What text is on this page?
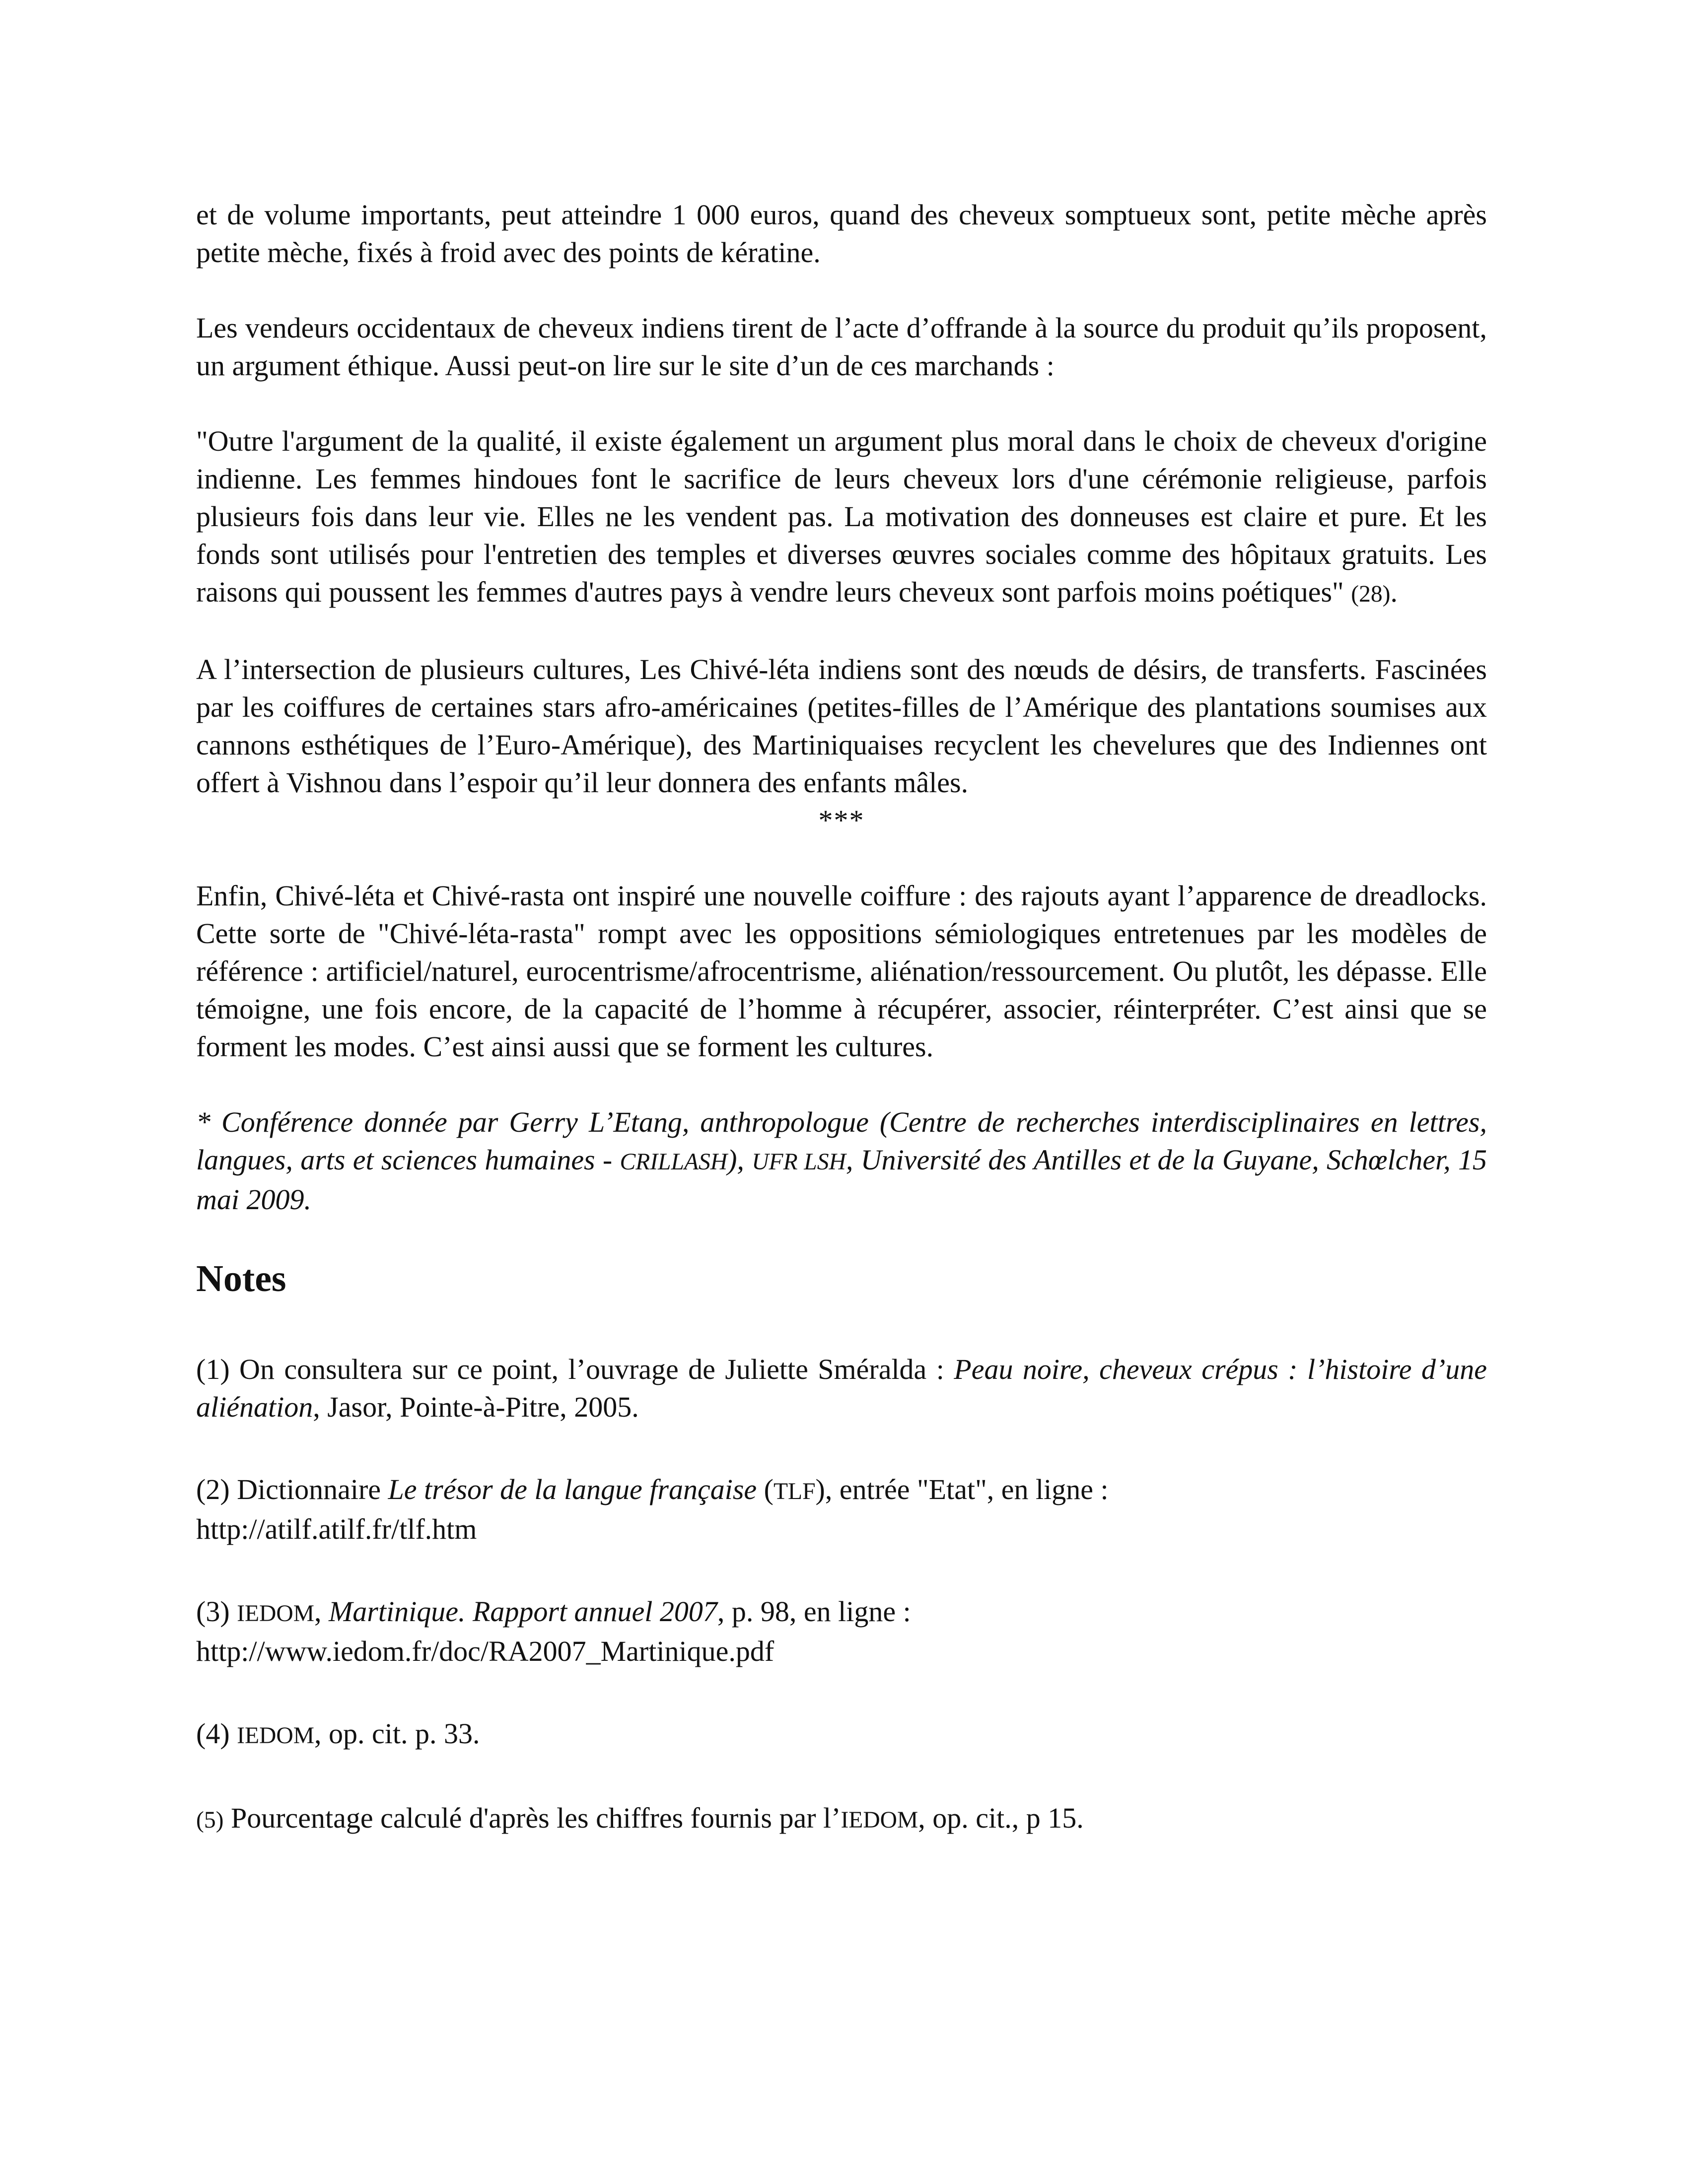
et de volume importants, peut atteindre 1 000 euros, quand des cheveux somptueux sont, petite mèche après petite mèche, fixés à froid avec des points de kératine.

Les vendeurs occidentaux de cheveux indiens tirent de l’acte d’offrande à la source du produit qu’ils proposent, un argument éthique. Aussi peut-on lire sur le site d’un de ces marchands :

"Outre l'argument de la qualité, il existe également un argument plus moral dans le choix de cheveux d'origine indienne. Les femmes hindoues font le sacrifice de leurs cheveux lors d'une cérémonie religieuse, parfois plusieurs fois dans leur vie. Elles ne les vendent pas. La motivation des donneuses est claire et pure. Et les fonds sont utilisés pour l'entretien des temples et diverses œuvres sociales comme des hôpitaux gratuits. Les raisons qui poussent les femmes d'autres pays à vendre leurs cheveux sont parfois moins poétiques" (28).

A l’intersection de plusieurs cultures, Les Chivé-léta indiens sont des nœuds de désirs, de transferts. Fascinées par les coiffures de certaines stars afro-américaines (petites-filles de l’Amérique des plantations soumises aux cannons esthétiques de l’Euro-Amérique), des Martiniquaises recyclent les chevelures que des Indiennes ont offert à Vishnou dans l’espoir qu’il leur donnera des enfants mâles.

***

Enfin, Chivé-léta et Chivé-rasta ont inspiré une nouvelle coiffure : des rajouts ayant l’apparence de dreadlocks. Cette sorte de "Chivé-léta-rasta" rompt avec les oppositions sémiologiques entretenues par les modèles de référence : artificiel/naturel, eurocentrisme/afrocentrisme, aliénation/ressourcement. Ou plutôt, les dépasse. Elle témoigne, une fois encore, de la capacité de l’homme à récupérer, associer, réinterpréter. C’est ainsi que se forment les modes. C’est ainsi aussi que se forment les cultures.

* Conférence donnée par Gerry L’Etang, anthropologue (Centre de recherches interdisciplinaires en lettres, langues, arts et sciences humaines - CRILLASH), UFR LSH, Université des Antilles et de la Guyane, Schœlcher, 15 mai 2009.

Notes

(1) On consultera sur ce point, l’ouvrage de Juliette Sméralda : Peau noire, cheveux crépus : l’histoire d’une aliénation, Jasor, Pointe-à-Pitre, 2005.

(2) Dictionnaire Le trésor de la langue française (TLF), entrée "Etat", en ligne :
http://atilf.atilf.fr/tlf.htm

(3) IEDOM, Martinique. Rapport annuel 2007, p. 98, en ligne :
http://www.iedom.fr/doc/RA2007_Martinique.pdf

(4) IEDOM, op. cit. p. 33.

(5) Pourcentage calculé d'après les chiffres fournis par l’IEDOM, op. cit., p 15.
